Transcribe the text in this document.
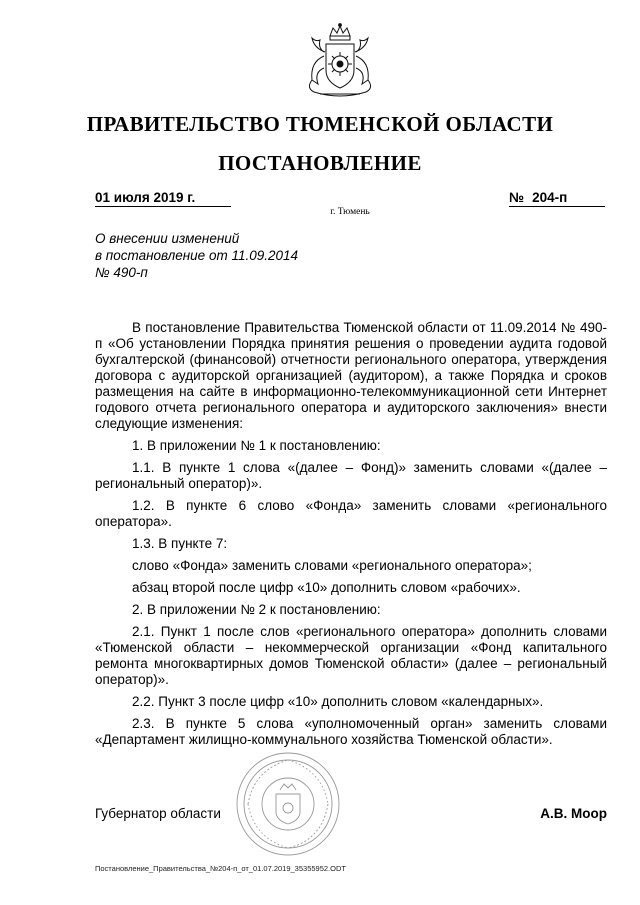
ПРАВИТЕЛЬСТВО ТЮМЕНСКОЙ ОБЛАСТИ
ПОСТАНОВЛЕНИЕ
01 июля 2019 г.	№ 204-п
г. Тюмень
О внесении изменений
в постановление от 11.09.2014
№ 490-п

В постановление Правительства Тюменской области от 11.09.2014 № 490-п «Об установлении Порядка принятия решения о проведении аудита годовой бухгалтерской (финансовой) отчетности регионального оператора, утверждения договора с аудиторской организацией (аудитором), а также Порядка и сроков размещения на сайте в информационно-телекоммуникационной сети Интернет годового отчета регионального оператора и аудиторского заключения» внести следующие изменения:

1. В приложении № 1 к постановлению:

1.1. В пункте 1 слова «(далее – Фонд)» заменить словами «(далее – региональный оператор)».

1.2. В пункте 6 слово «Фонда» заменить словами «регионального оператора».

1.3. В пункте 7:

слово «Фонда» заменить словами «регионального оператора»;

абзац второй после цифр «10» дополнить словом «рабочих».

2. В приложении № 2 к постановлению:

2.1. Пункт 1 после слов «регионального оператора» дополнить словами «Тюменской области – некоммерческой организации «Фонд капитального ремонта многоквартирных домов Тюменской области» (далее – региональный оператор)».

2.2. Пункт 3 после цифр «10» дополнить словом «календарных».

2.3. В пункте 5 слова «уполномоченный орган» заменить словами «Департамент жилищно-коммунального хозяйства Тюменской области».

Губернатор области	А.В. Моор
Постановление_Правительства_№204-п_от_01.07.2019_35355952.ODT
